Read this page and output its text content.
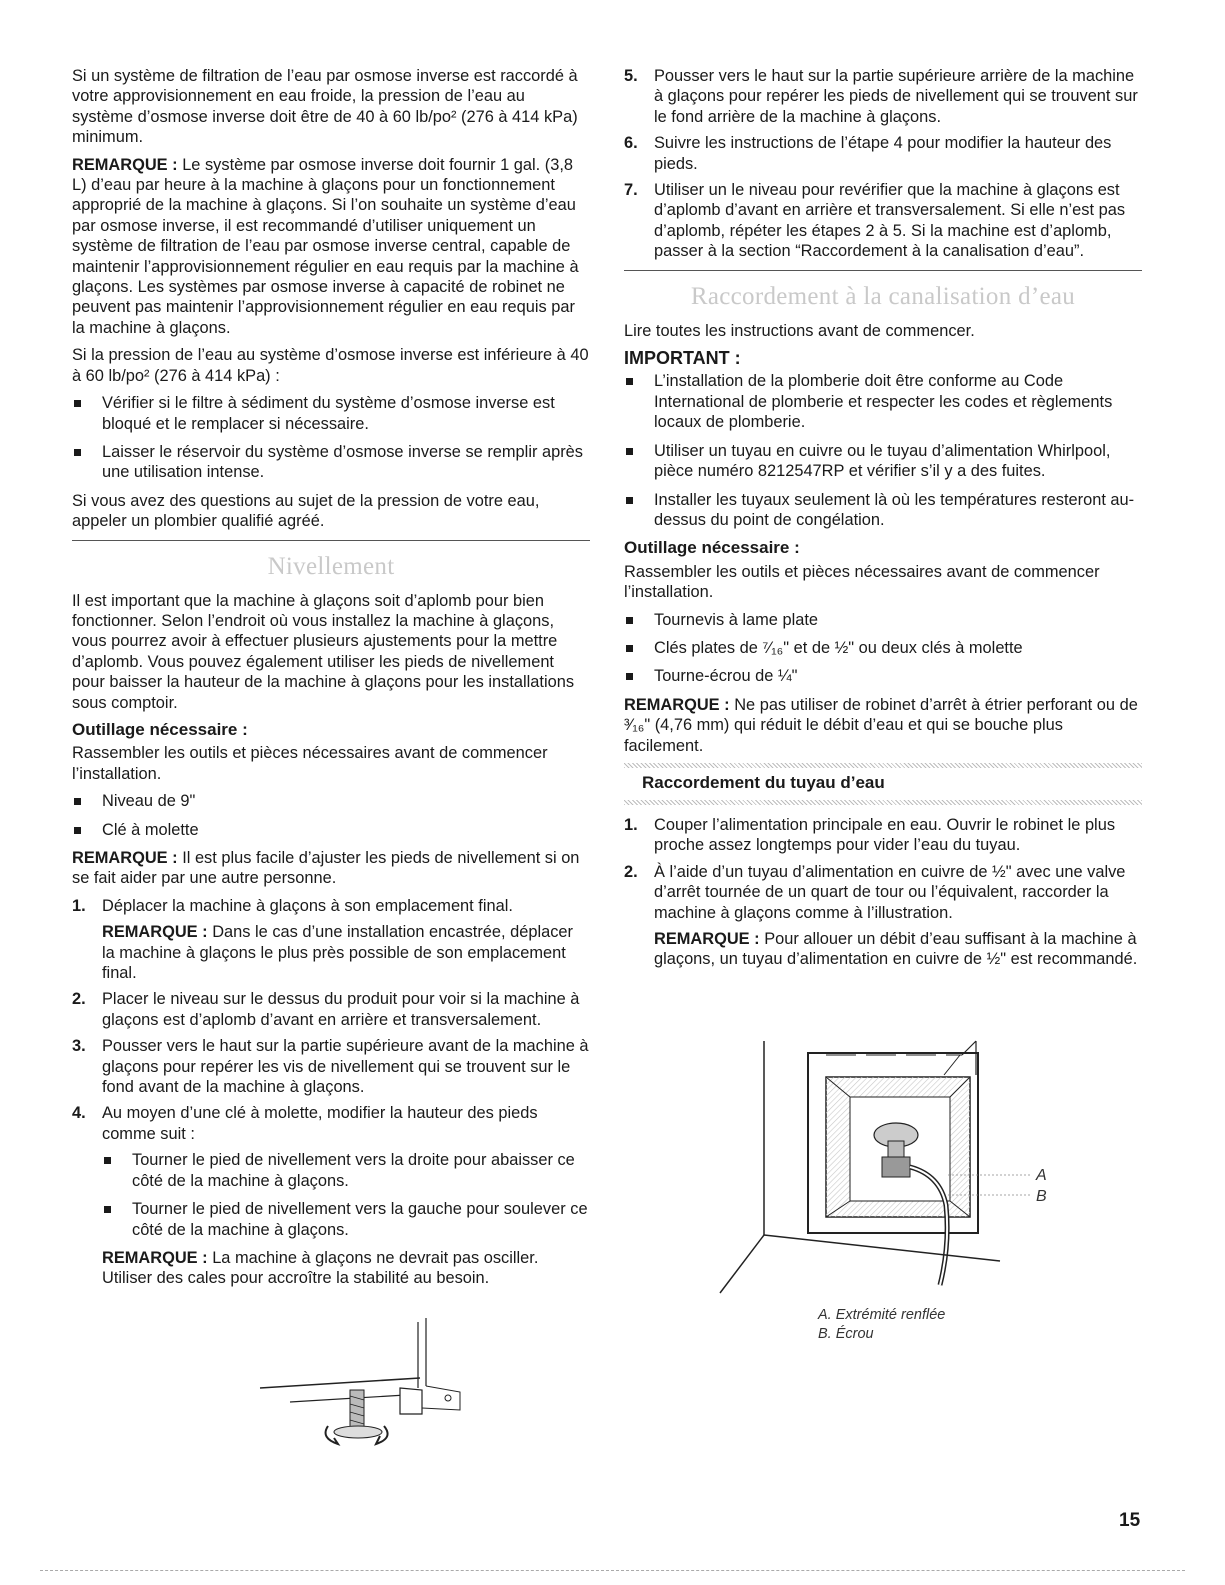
Si un système de filtration de l’eau par osmose inverse est raccordé à votre approvisionnement en eau froide, la pression de l’eau au système d’osmose inverse doit être de 40 à 60 lb/po² (276 à 414 kPa) minimum.

REMARQUE : Le système par osmose inverse doit fournir 1 gal. (3,8 L) d’eau par heure à la machine à glaçons pour un fonctionnement approprié de la machine à glaçons. Si l’on souhaite un système d’eau par osmose inverse, il est recommandé d’utiliser uniquement un système de filtration de l’eau par osmose inverse central, capable de maintenir l’approvisionnement régulier en eau requis par la machine à glaçons. Les systèmes par osmose inverse à capacité de robinet ne peuvent pas maintenir l’approvisionnement régulier en eau requis par la machine à glaçons.

Si la pression de l’eau au système d’osmose inverse est inférieure à 40 à 60 lb/po² (276 à 414 kPa) :

Vérifier si le filtre à sédiment du système d’osmose inverse est bloqué et le remplacer si nécessaire.
Laisser le réservoir du système d’osmose inverse se remplir après une utilisation intense.

Si vous avez des questions au sujet de la pression de votre eau, appeler un plombier qualifié agréé.

Nivellement

Il est important que la machine à glaçons soit d’aplomb pour bien fonctionner. Selon l’endroit où vous installez la machine à glaçons, vous pourrez avoir à effectuer plusieurs ajustements pour la mettre d’aplomb. Vous pouvez également utiliser les pieds de nivellement pour baisser la hauteur de la machine à glaçons pour les installations sous comptoir.

Outillage nécessaire :

Rassembler les outils et pièces nécessaires avant de commencer l’installation.

Niveau de 9"
Clé à molette

REMARQUE : Il est plus facile d’ajuster les pieds de nivellement si on se fait aider par une autre personne.

1. Déplacer la machine à glaçons à son emplacement final.
REMARQUE : Dans le cas d’une installation encastrée, déplacer la machine à glaçons le plus près possible de son emplacement final.
2. Placer le niveau sur le dessus du produit pour voir si la machine à glaçons est d’aplomb d’avant en arrière et transversalement.
3. Pousser vers le haut sur la partie supérieure avant de la machine à glaçons pour repérer les vis de nivellement qui se trouvent sur le fond avant de la machine à glaçons.
4. Au moyen d’une clé à molette, modifier la hauteur des pieds comme suit :
Tourner le pied de nivellement vers la droite pour abaisser ce côté de la machine à glaçons.
Tourner le pied de nivellement vers la gauche pour soulever ce côté de la machine à glaçons.
REMARQUE : La machine à glaçons ne devrait pas osciller. Utiliser des cales pour accroître la stabilité au besoin.
5. Pousser vers le haut sur la partie supérieure arrière de la machine à glaçons pour repérer les pieds de nivellement qui se trouvent sur le fond arrière de la machine à glaçons.
6. Suivre les instructions de l’étape 4 pour modifier la hauteur des pieds.
7. Utiliser un le niveau pour revérifier que la machine à glaçons est d’aplomb d’avant en arrière et transversalement. Si elle n’est pas d’aplomb, répéter les étapes 2 à 5. Si la machine est d’aplomb, passer à la section “Raccordement à la canalisation d’eau”.
Raccordement à la canalisation d’eau

Lire toutes les instructions avant de commencer.

IMPORTANT :
L’installation de la plomberie doit être conforme au Code International de plomberie et respecter les codes et règlements locaux de plomberie.
Utiliser un tuyau en cuivre ou le tuyau d’alimentation Whirlpool, pièce numéro 8212547RP et vérifier s’il y a des fuites.
Installer les tuyaux seulement là où les températures resteront au-dessus du point de congélation.
Outillage nécessaire :

Rassembler les outils et pièces nécessaires avant de commencer l’installation.

Tournevis à lame plate
Clés plates de ⁷⁄₁₆" et de ½" ou deux clés à molette
Tourne-écrou de ¼"

REMARQUE : Ne pas utiliser de robinet d’arrêt à étrier perforant ou de ³⁄₁₆" (4,76 mm) qui réduit le débit d’eau et qui se bouche plus facilement.

Raccordement du tuyau d’eau
1. Couper l’alimentation principale en eau. Ouvrir le robinet le plus proche assez longtemps pour vider l’eau du tuyau.
2. À l’aide d’un tuyau d’alimentation en cuivre de ½" avec une valve d’arrêt tournée de un quart de tour ou l’équivalent, raccorder la machine à glaçons comme à l’illustration.
REMARQUE : Pour allouer un débit d’eau suffisant à la machine à glaçons, un tuyau d’alimentation en cuivre de ½" est recommandé.
A
B
A. Extrémité renflée
B. Écrou
15
